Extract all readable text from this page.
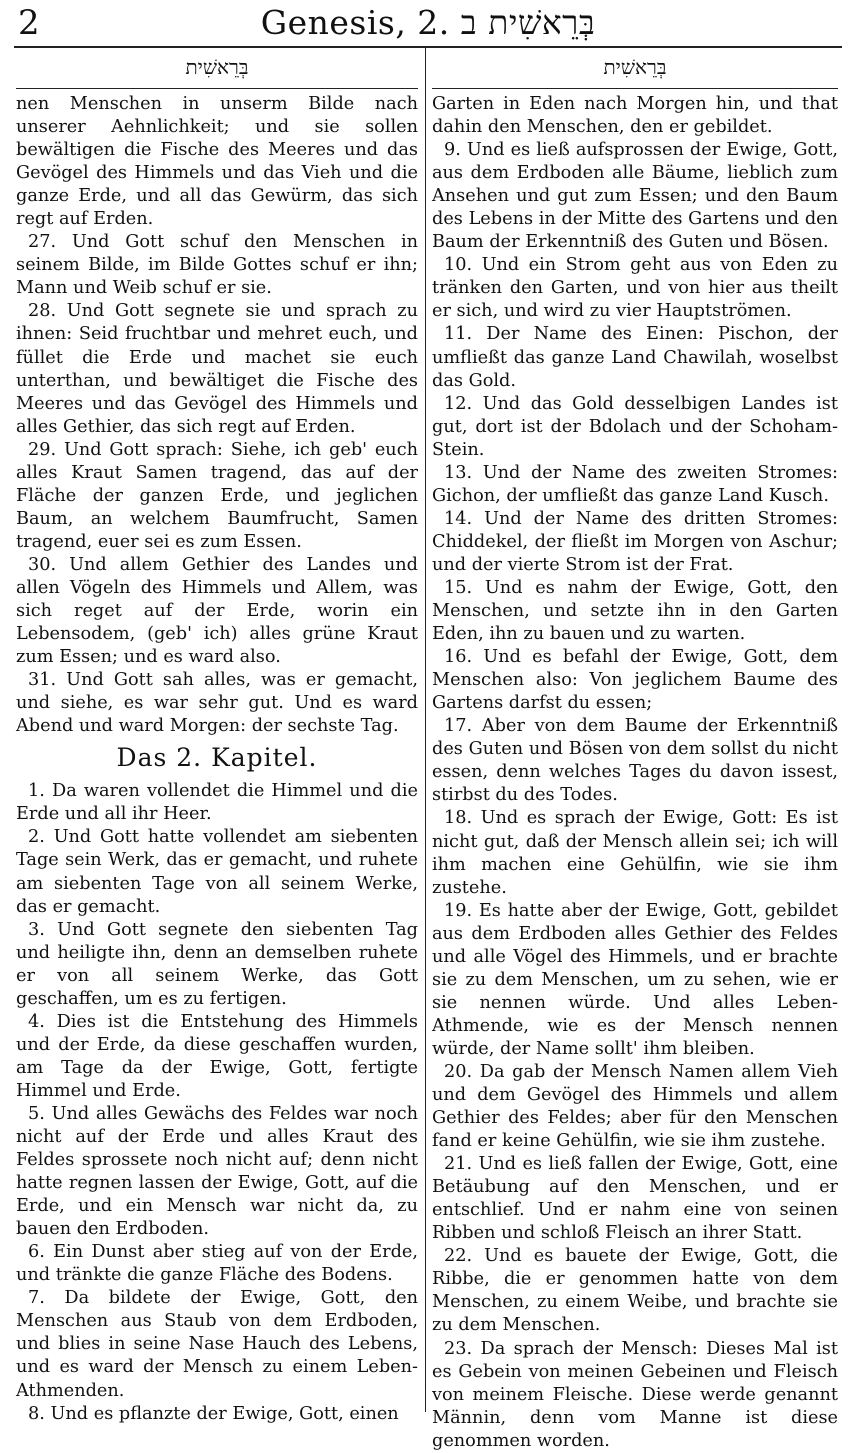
2	Genesis, 2. בְּרֵאשִׁית ב
בְּרֵאשִׁית

nen Menschen in unserm Bilde nach unserer Aehnlichkeit; und sie sollen bewältigen die Fische des Meeres und das Gevögel des Himmels und das Vieh und die ganze Erde, und all das Gewürm, das sich regt auf Erden.

27. Und Gott schuf den Menschen in seinem Bilde, im Bilde Gottes schuf er ihn; Mann und Weib schuf er sie.

28. Und Gott segnete sie und sprach zu ihnen: Seid fruchtbar und mehret euch, und füllet die Erde und machet sie euch unterthan, und bewältiget die Fische des Meeres und das Gevögel des Himmels und alles Gethier, das sich regt auf Erden.

29. Und Gott sprach: Siehe, ich geb' euch alles Kraut Samen tragend, das auf der Fläche der ganzen Erde, und jeglichen Baum, an welchem Baumfrucht, Samen tragend, euer sei es zum Essen.

30. Und allem Gethier des Landes und allen Vögeln des Himmels und Allem, was sich reget auf der Erde, worin ein Lebensodem, (geb' ich) alles grüne Kraut zum Essen; und es ward also.

31. Und Gott sah alles, was er gemacht, und siehe, es war sehr gut. Und es ward Abend und ward Morgen: der sechste Tag.

Das 2. Kapitel.

1. Da waren vollendet die Himmel und die Erde und all ihr Heer.

2. Und Gott hatte vollendet am siebenten Tage sein Werk, das er gemacht, und ruhete am siebenten Tage von all seinem Werke, das er gemacht.

3. Und Gott segnete den siebenten Tag und heiligte ihn, denn an demselben ruhete er von all seinem Werke, das Gott geschaffen, um es zu fertigen.

4. Dies ist die Entstehung des Himmels und der Erde, da diese geschaffen wurden, am Tage da der Ewige, Gott, fertigte Himmel und Erde.

5. Und alles Gewächs des Feldes war noch nicht auf der Erde und alles Kraut des Feldes sprossete noch nicht auf; denn nicht hatte regnen lassen der Ewige, Gott, auf die Erde, und ein Mensch war nicht da, zu bauen den Erdboden.

6. Ein Dunst aber stieg auf von der Erde, und tränkte die ganze Fläche des Bodens.

7. Da bildete der Ewige, Gott, den Menschen aus Staub von dem Erdboden, und blies in seine Nase Hauch des Lebens, und es ward der Mensch zu einem Leben-Athmenden.

8. Und es pflanzte der Ewige, Gott, einen

בְּרֵאשִׁית

Garten in Eden nach Morgen hin, und that dahin den Menschen, den er gebildet.

9. Und es ließ aufsprossen der Ewige, Gott, aus dem Erdboden alle Bäume, lieblich zum Ansehen und gut zum Essen; und den Baum des Lebens in der Mitte des Gartens und den Baum der Erkenntniß des Guten und Bösen.

10. Und ein Strom geht aus von Eden zu tränken den Garten, und von hier aus theilt er sich, und wird zu vier Hauptströmen.

11. Der Name des Einen: Pischon, der umfließt das ganze Land Chawilah, woselbst das Gold.

12. Und das Gold desselbigen Landes ist gut, dort ist der Bdolach und der Schoham-Stein.

13. Und der Name des zweiten Stromes: Gichon, der umfließt das ganze Land Kusch.

14. Und der Name des dritten Stromes: Chiddekel, der fließt im Morgen von Aschur; und der vierte Strom ist der Frat.

15. Und es nahm der Ewige, Gott, den Menschen, und setzte ihn in den Garten Eden, ihn zu bauen und zu warten.

16. Und es befahl der Ewige, Gott, dem Menschen also: Von jeglichem Baume des Gartens darfst du essen;

17. Aber von dem Baume der Erkenntniß des Guten und Bösen von dem sollst du nicht essen, denn welches Tages du davon issest, stirbst du des Todes.

18. Und es sprach der Ewige, Gott: Es ist nicht gut, daß der Mensch allein sei; ich will ihm machen eine Gehülfin, wie sie ihm zustehe.

19. Es hatte aber der Ewige, Gott, gebildet aus dem Erdboden alles Gethier des Feldes und alle Vögel des Himmels, und er brachte sie zu dem Menschen, um zu sehen, wie er sie nennen würde. Und alles Leben-Athmende, wie es der Mensch nennen würde, der Name sollt' ihm bleiben.

20. Da gab der Mensch Namen allem Vieh und dem Gevögel des Himmels und allem Gethier des Feldes; aber für den Menschen fand er keine Gehülfin, wie sie ihm zustehe.

21. Und es ließ fallen der Ewige, Gott, eine Betäubung auf den Menschen, und er entschlief. Und er nahm eine von seinen Ribben und schloß Fleisch an ihrer Statt.

22. Und es bauete der Ewige, Gott, die Ribbe, die er genommen hatte von dem Menschen, zu einem Weibe, und brachte sie zu dem Menschen.

23. Da sprach der Mensch: Dieses Mal ist es Gebein von meinen Gebeinen und Fleisch von meinem Fleische. Diese werde genannt Männin, denn vom Manne ist diese genommen worden.
